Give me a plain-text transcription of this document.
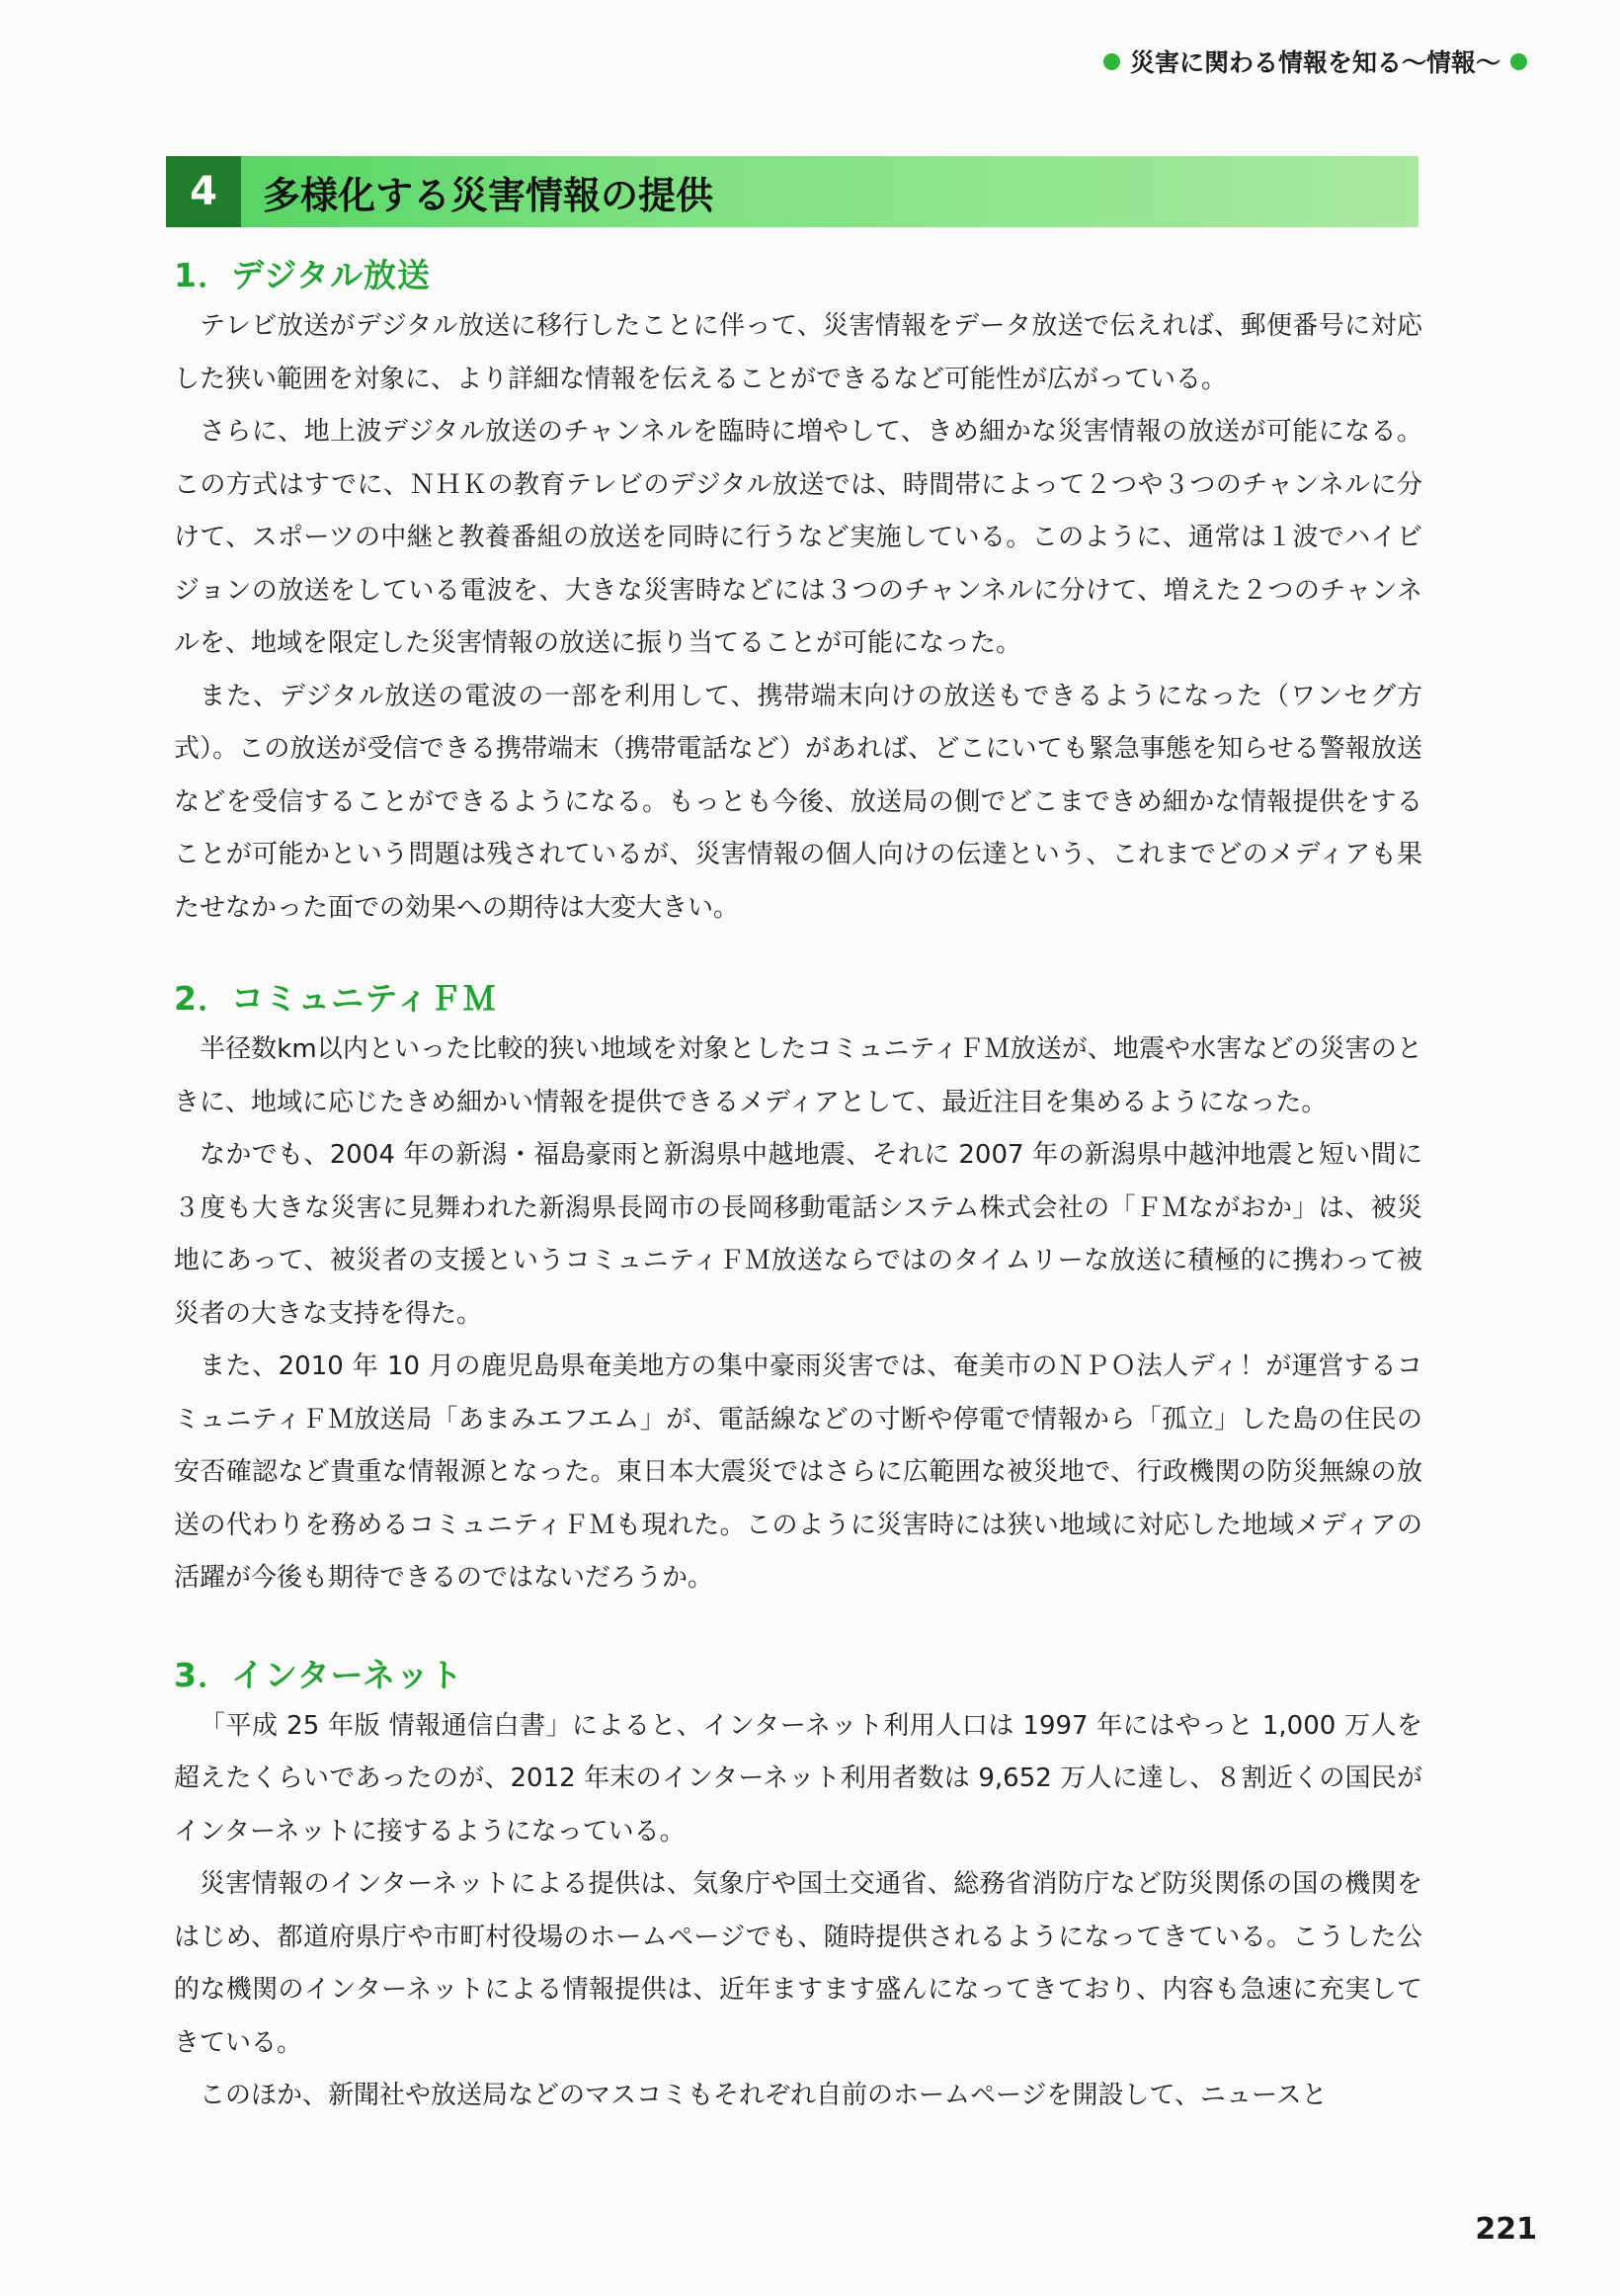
災害に関わる情報を知る〜情報〜
4	多様化する災害情報の提供
1．デジタル放送

テレビ放送がデジタル放送に移行したことに伴って、災害情報をデータ放送で伝えれば、郵便番号に対応した狭い範囲を対象に、より詳細な情報を伝えることができるなど可能性が広がっている。

さらに、地上波デジタル放送のチャンネルを臨時に増やして、きめ細かな災害情報の放送が可能になる。この方式はすでに、ＮＨＫの教育テレビのデジタル放送では、時間帯によって２つや３つのチャンネルに分けて、スポーツの中継と教養番組の放送を同時に行うなど実施している。このように、通常は１波でハイビジョンの放送をしている電波を、大きな災害時などには３つのチャンネルに分けて、増えた２つのチャンネルを、地域を限定した災害情報の放送に振り当てることが可能になった。

また、デジタル放送の電波の一部を利用して、携帯端末向けの放送もできるようになった（ワンセグ方式）。この放送が受信できる携帯端末（携帯電話など）があれば、どこにいても緊急事態を知らせる警報放送などを受信することができるようになる。もっとも今後、放送局の側でどこまできめ細かな情報提供をすることが可能かという問題は残されているが、災害情報の個人向けの伝達という、これまでどのメディアも果たせなかった面での効果への期待は大変大きい。

2．コミュニティＦＭ

半径数km以内といった比較的狭い地域を対象としたコミュニティＦＭ放送が、地震や水害などの災害のときに、地域に応じたきめ細かい情報を提供できるメディアとして、最近注目を集めるようになった。

なかでも、2004 年の新潟・福島豪雨と新潟県中越地震、それに 2007 年の新潟県中越沖地震と短い間に３度も大きな災害に見舞われた新潟県長岡市の長岡移動電話システム株式会社の「ＦＭながおか」は、被災地にあって、被災者の支援というコミュニティＦＭ放送ならではのタイムリーな放送に積極的に携わって被災者の大きな支持を得た。

また、2010 年 10 月の鹿児島県奄美地方の集中豪雨災害では、奄美市のＮＰＯ法人ディ！が運営するコミュニティＦＭ放送局「あまみエフエム」が、電話線などの寸断や停電で情報から「孤立」した島の住民の安否確認など貴重な情報源となった。東日本大震災ではさらに広範囲な被災地で、行政機関の防災無線の放送の代わりを務めるコミュニティＦＭも現れた。このように災害時には狭い地域に対応した地域メディアの活躍が今後も期待できるのではないだろうか。

3．インターネット

「平成 25 年版 情報通信白書」によると、インターネット利用人口は 1997 年にはやっと 1,000 万人を超えたくらいであったのが、2012 年末のインターネット利用者数は 9,652 万人に達し、８割近くの国民がインターネットに接するようになっている。

災害情報のインターネットによる提供は、気象庁や国土交通省、総務省消防庁など防災関係の国の機関をはじめ、都道府県庁や市町村役場のホームページでも、随時提供されるようになってきている。こうした公的な機関のインターネットによる情報提供は、近年ますます盛んになってきており、内容も急速に充実してきている。

このほか、新聞社や放送局などのマスコミもそれぞれ自前のホームページを開設して、ニュースと

221
